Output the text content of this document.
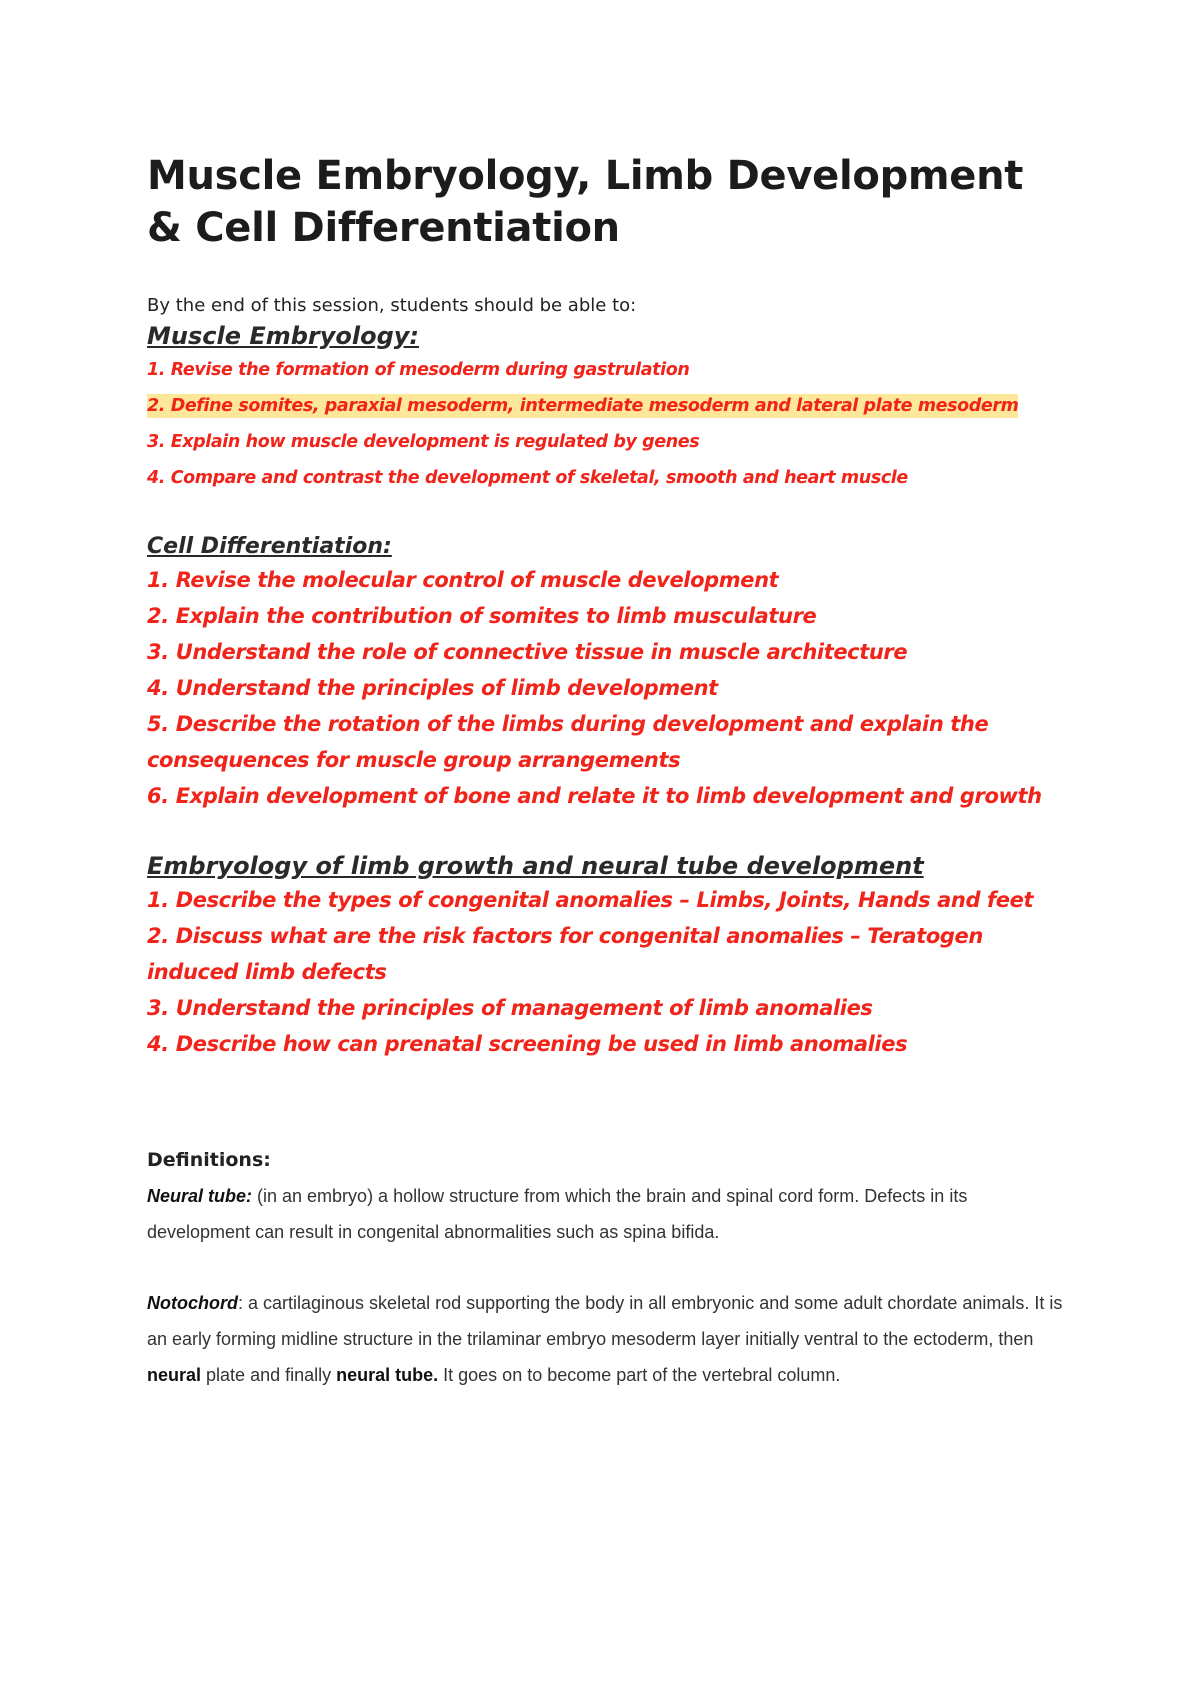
Muscle Embryology, Limb Development & Cell Differentiation
By the end of this session, students should be able to:
Muscle Embryology:
1. Revise the formation of mesoderm during gastrulation
2. Define somites, paraxial mesoderm, intermediate mesoderm and lateral plate mesoderm
3. Explain how muscle development is regulated by genes
4. Compare and contrast the development of skeletal, smooth and heart muscle
Cell Differentiation:
1. Revise the molecular control of muscle development
2. Explain the contribution of somites to limb musculature
3. Understand the role of connective tissue in muscle architecture
4. Understand the principles of limb development
5. Describe the rotation of the limbs during development and explain the consequences for muscle group arrangements
6. Explain development of bone and relate it to limb development and growth
Embryology of limb growth and neural tube development
1. Describe the types of congenital anomalies – Limbs, Joints, Hands and feet
2. Discuss what are the risk factors for congenital anomalies – Teratogen induced limb defects
3. Understand the principles of management of limb anomalies
4. Describe how can prenatal screening be used in limb anomalies
Definitions:

Neural tube: (in an embryo) a hollow structure from which the brain and spinal cord form. Defects in its development can result in congenital abnormalities such as spina bifida.

Notochord: a cartilaginous skeletal rod supporting the body in all embryonic and some adult chordate animals. It is an early forming midline structure in the trilaminar embryo mesoderm layer initially ventral to the ectoderm, then neural plate and finally neural tube. It goes on to become part of the vertebral column.
